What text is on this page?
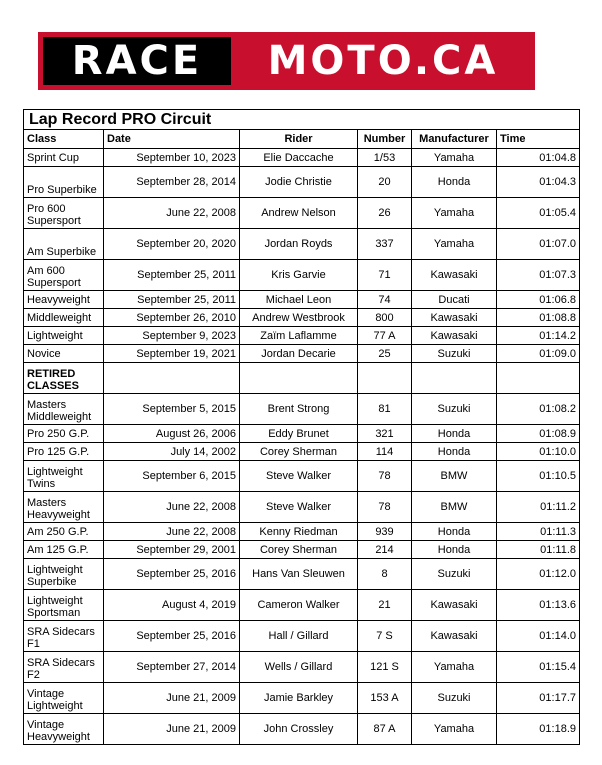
RACE MOTO.CA
Lap Record PRO Circuit					
Class	Date	Rider	Number	Manufacturer	Time
Sprint Cup	September 10, 2023	Elie Daccache	1/53	Yamaha	01:04.8
Pro Superbike	September 28, 2014	Jodie Christie	20	Honda	01:04.3
Pro 600 Supersport	June 22, 2008	Andrew Nelson	26	Yamaha	01:05.4
Am Superbike	September 20, 2020	Jordan Royds	337	Yamaha	01:07.0
Am 600 Supersport	September 25, 2011	Kris Garvie	71	Kawasaki	01:07.3
Heavyweight	September 25, 2011	Michael Leon	74	Ducati	01:06.8
Middleweight	September 26, 2010	Andrew Westbrook	800	Kawasaki	01:08.8
Lightweight	September 9, 2023	Zaïm Laflamme	77 A	Kawasaki	01:14.2
Novice	September 19, 2021	Jordan Decarie	25	Suzuki	01:09.0
RETIRED CLASSES					
Masters Middleweight	September 5, 2015	Brent Strong	81	Suzuki	01:08.2
Pro 250 G.P.	August 26, 2006	Eddy Brunet	321	Honda	01:08.9
Pro 125 G.P.	July 14, 2002	Corey Sherman	114	Honda	01:10.0
Lightweight Twins	September 6, 2015	Steve Walker	78	BMW	01:10.5
Masters Heavyweight	June 22, 2008	Steve Walker	78	BMW	01:11.2
Am 250 G.P.	June 22, 2008	Kenny Riedman	939	Honda	01:11.3
Am 125 G.P.	September 29, 2001	Corey Sherman	214	Honda	01:11.8
Lightweight Superbike	September 25, 2016	Hans Van Sleuwen	8	Suzuki	01:12.0
Lightweight Sportsman	August 4, 2019	Cameron Walker	21	Kawasaki	01:13.6
SRA Sidecars F1	September 25, 2016	Hall / Gillard	7 S	Kawasaki	01:14.0
SRA Sidecars F2	September 27, 2014	Wells / Gillard	121 S	Yamaha	01:15.4
Vintage Lightweight	June 21, 2009	Jamie Barkley	153 A	Suzuki	01:17.7
Vintage Heavyweight	June 21, 2009	John Crossley	87 A	Yamaha	01:18.9
